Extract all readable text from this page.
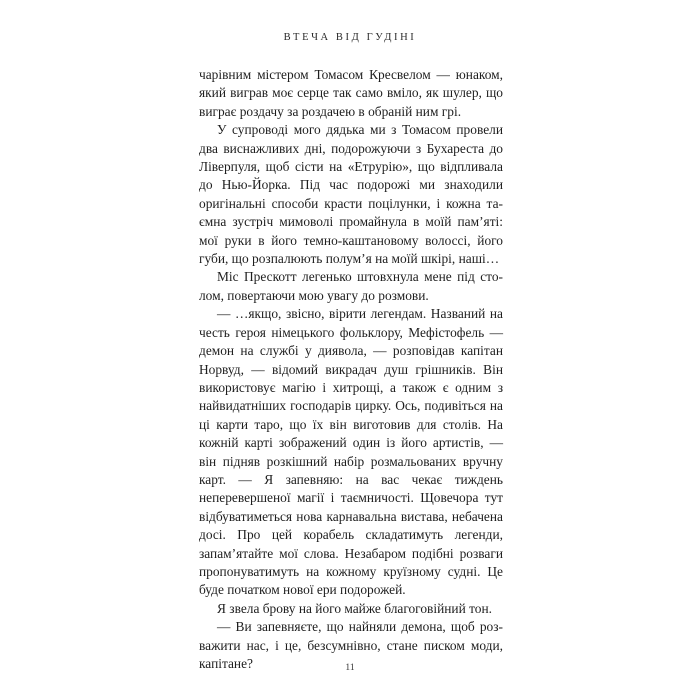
ВТЕЧА ВІД ГУДІНІ

чарівним містером Томасом Кресвелом — юнаком, який виграв моє серце так само вміло, як шулер, що виграє роздачу за роздачею в обраній ним грі.

У супроводі мого дядька ми з Томасом провели два виснажливих дні, подорожуючи з Бухареста до Ліверпуля, щоб сісти на «Етрурію», що відпливала до Нью-Йорка. Під час подорожі ми знаходили оригінальні способи красти поцілунки, і кожна таємна зустріч мимоволі промайнула в моїй пам’яті: мої руки в його темно-каштановому волоссі, його губи, що розпалюють полум’я на моїй шкірі, наші…

Міс Прескотт легенько штовхнула мене під столом, повертаючи мою увагу до розмови.

— …якщо, звісно, вірити легендам. Названий на честь героя німецького фольклору, Мефістофель — демон на службі у диявола, — розповідав капітан Норвуд, — відомий викрадач душ грішників. Він використовує магію і хитрощі, а також є одним з найвидатніших господарів цирку. Ось, подивіться на ці карти таро, що їх він виготовив для столів. На кожній карті зображений один із його артистів, — він підняв розкішний набір розмальованих вручну карт. — Я запевняю: на вас чекає тиждень неперевершеної магії і таємничості. Щовечора тут відбуватиметься нова карнавальна вистава, небачена досі. Про цей корабель складатимуть легенди, запам’ятайте мої слова. Незабаром подібні розваги пропонуватимуть на кожному круїзному судні. Це буде початком нової ери подорожей.

Я звела брову на його майже благоговійний тон.

— Ви запевняєте, що найняли демона, щоб розважити нас, і це, безсумнівно, стане писком моди, капітане?	11
